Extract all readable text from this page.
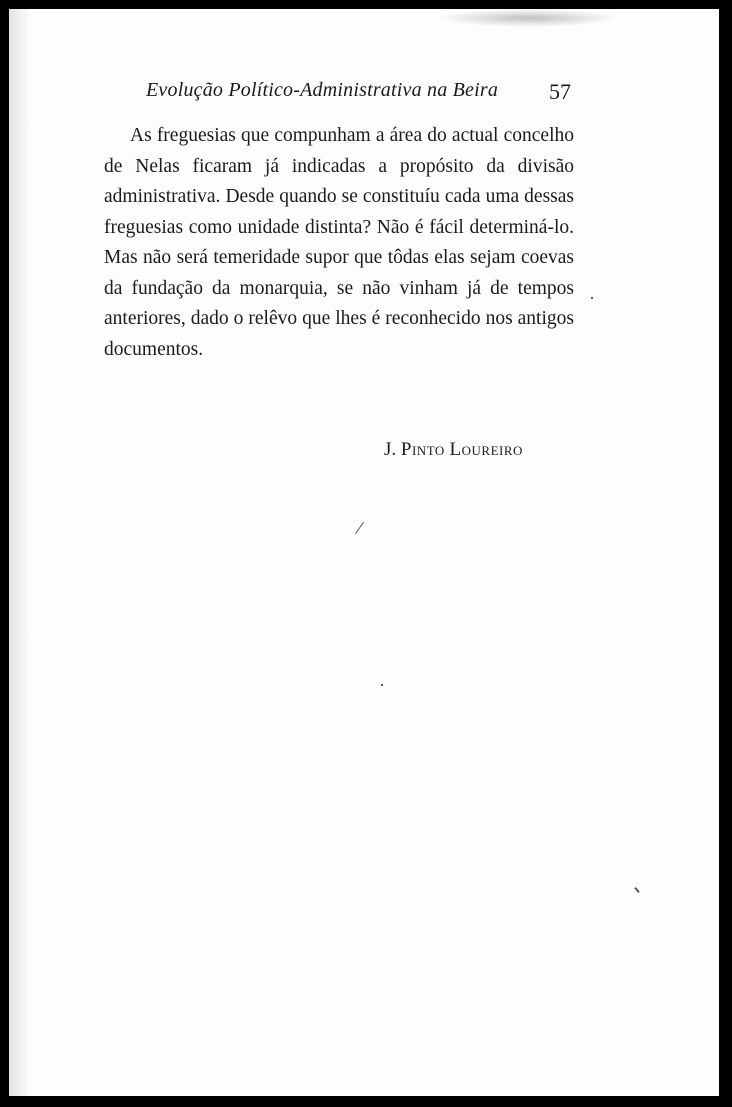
Evolução Político-Administrativa na Beira 57

As freguesias que compunham a área do actual concelho de Nelas ficaram já indicadas a propósito da divisão administrativa. Desde quando se constituíu cada uma dessas freguesias como unidade distinta? Não é fácil determiná-lo. Mas não será temeridade supor que tôdas elas sejam coevas da fundação da monarquia, se não vinham já de tempos anteriores, dado o relêvo que lhes é reconhecido nos antigos documentos.

J. Pinto Loureiro
